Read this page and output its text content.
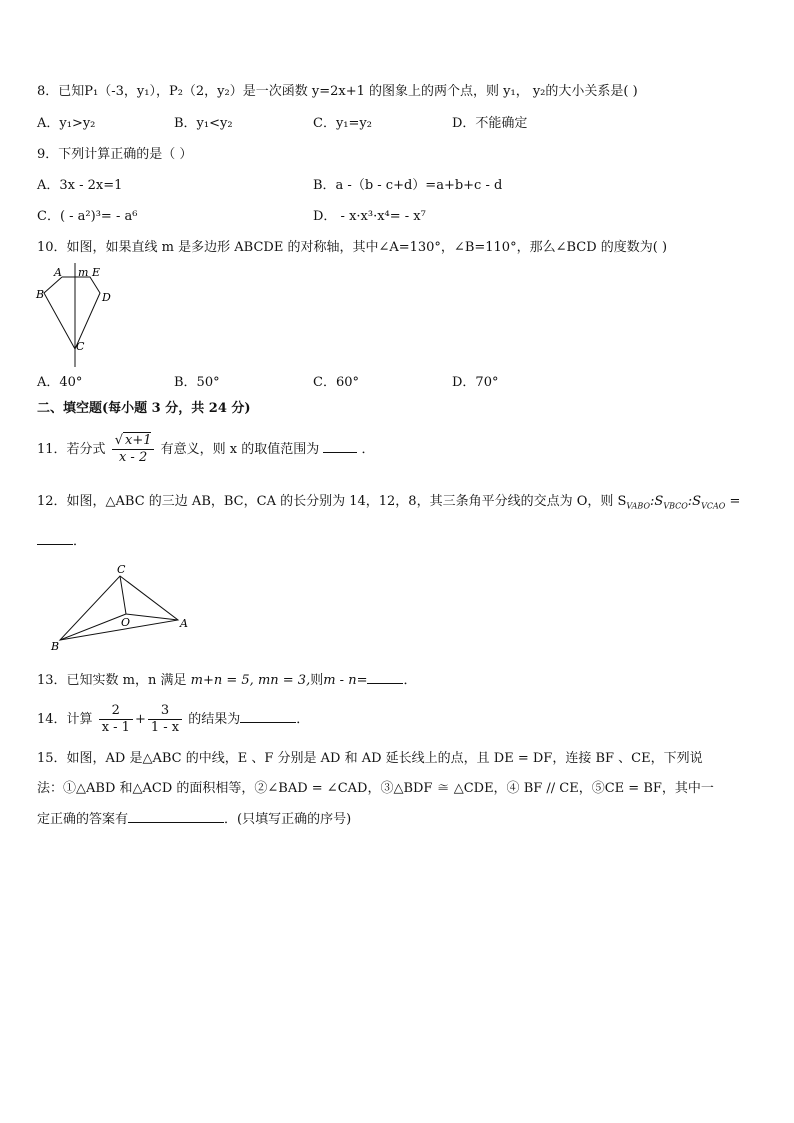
8．已知P₁（-3，y₁），P₂（2，y₂）是一次函数 y=2x+1 的图象上的两个点，则 y₁， y₂的大小关系是( )
A．y₁>y₂	B．y₁<y₂	C．y₁=y₂	D．不能确定
9．下列计算正确的是（ ）
A．3x - 2x=1	B．a -（b - c+d）=a+b+c - d
C．( - a²)³= - a⁶	D． - x·x³·x⁴= - x⁷
10．如图，如果直线 m 是多边形 ABCDE 的对称轴，其中∠A=130°，∠B=110°，那么∠BCD 的度数为( )
A m E
B	D
C
A．40°	B．50°	C．60°	D．70°
二、填空题(每小题 3 分，共 24 分)
11．若分式 $\frac{√ x+1}{x - 2}$ 有意义，则 x 的取值范围为	．
12．如图，△ABC 的三边 AB，BC，CA 的长分别为 14，12，8，其三条角平分线的交点为 O，则 $S_{VABO}:S_{VBCO}:S_{VCAO}$ =
．
C
O	A
B
13．已知实数 m，n 满足 m+n = 5, mn = 3,则m - n=	．
14．计算 $\frac{2}{x - 1} + \frac{3}{1 - x}$ 的结果为	．
15．如图，AD 是△ABC 的中线，E 、F 分别是 AD 和 AD 延长线上的点，且 DE = DF，连接 BF 、CE，下列说
法：①△ABD 和△ACD 的面积相等，②∠BAD = ∠CAD，③△BDF ≅ △CDE，④ BF // CE，⑤CE = BF，其中一
定正确的答案有	．(只填写正确的序号)
